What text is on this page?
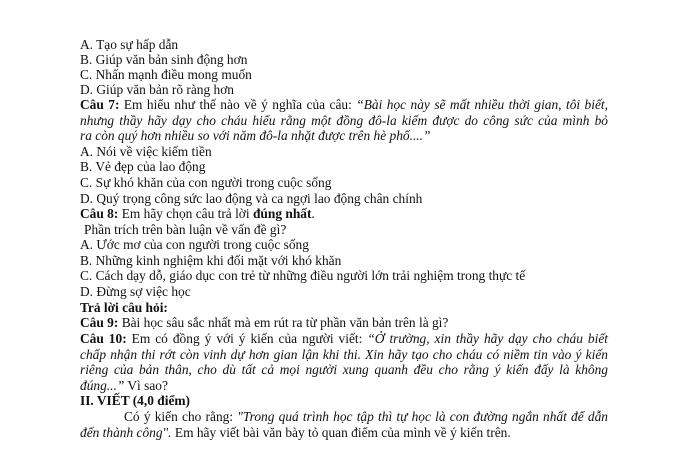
A. Tạo sự hấp dẫn
B. Giúp văn bản sinh động hơn
C. Nhấn mạnh điều mong muốn
D. Giúp văn bản rõ ràng hơn
Câu 7: Em hiểu như thế nào về ý nghĩa của câu: “Bài học này sẽ mất nhiều thời gian, tôi biết,
nhưng thầy hãy dạy cho cháu hiểu rằng một đồng đô-la kiếm được do công sức của mình bỏ
ra còn quý hơn nhiều so với năm đô-la nhặt được trên hè phố....”
A. Nói về việc kiếm tiền
B. Vẻ đẹp của lao động
C. Sự khó khăn của con người trong cuộc sống
D. Quý trọng công sức lao động và ca ngợi lao động chân chính
Câu 8: Em hãy chọn câu trả lời đúng nhất.
Phần trích trên bàn luận về vấn đề gì?
A. Ước mơ của con người trong cuộc sống
B. Những kinh nghiệm khi đối mặt với khó khăn
C. Cách dạy dỗ, giáo dục con trẻ từ những điều người lớn trải nghiệm trong thực tế
D. Đừng sợ việc học
Trả lời câu hỏi:
Câu 9: Bài học sâu sắc nhất mà em rút ra từ phần văn bản trên là gì?
Câu 10: Em có đồng ý với ý kiến của người viết: “Ở trường, xin thầy hãy dạy cho cháu biết
chấp nhận thi rớt còn vinh dự hơn gian lận khi thi. Xin hãy tạo cho cháu có niềm tin vào ý kiến
riêng của bản thân, cho dù tất cả mọi người xung quanh đều cho rằng ý kiến đấy là không
đúng...” Vì sao?
II. VIẾT (4,0 điểm)
Có ý kiến cho rằng: "Trong quá trình học tập thì tự học là con đường ngắn nhất để dẫn
đến thành công". Em hãy viết bài văn bày tỏ quan điểm của mình về ý kiến trên.
